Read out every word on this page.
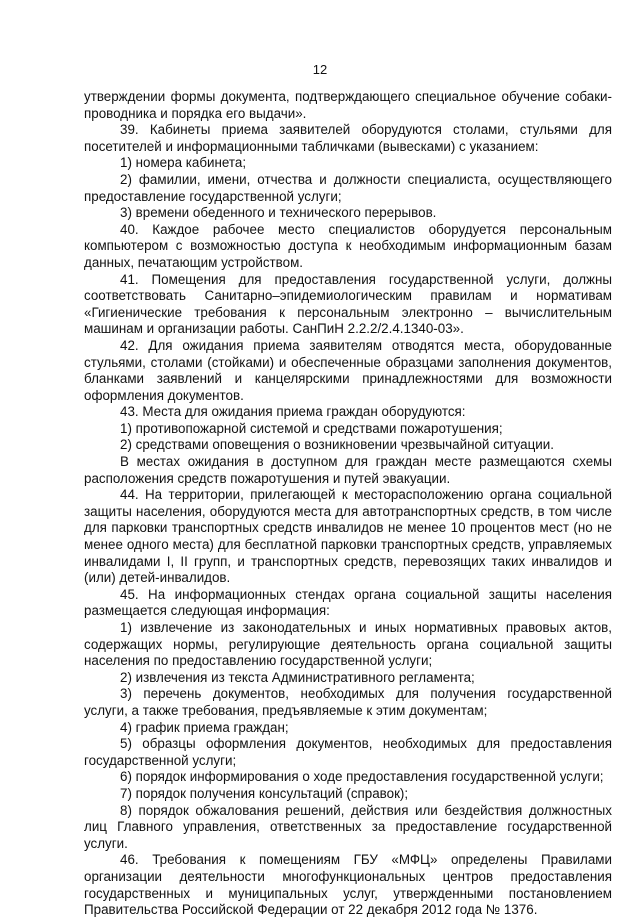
12

утверждении формы документа, подтверждающего специальное обучение собаки-проводника и порядка его выдачи».

39. Кабинеты приема заявителей оборудуются столами, стульями для посетителей и информационными табличками (вывесками) с указанием:

1) номера кабинета;

2) фамилии, имени, отчества и должности специалиста, осуществляющего предоставление государственной услуги;

3) времени обеденного и технического перерывов.

40. Каждое рабочее место специалистов оборудуется персональным компьютером с возможностью доступа к необходимым информационным базам данных, печатающим устройством.

41. Помещения для предоставления государственной услуги, должны соответствовать Санитарно–эпидемиологическим правилам и нормативам «Гигиенические требования к персональным электронно – вычислительным машинам и организации работы. СанПиН 2.2.2/2.4.1340-03».

42. Для ожидания приема заявителям отводятся места, оборудованные стульями, столами (стойками) и обеспеченные образцами заполнения документов, бланками заявлений и канцелярскими принадлежностями для возможности оформления документов.

43. Места для ожидания приема граждан оборудуются:

1) противопожарной системой и средствами пожаротушения;

2) средствами оповещения о возникновении чрезвычайной ситуации.

В местах ожидания в доступном для граждан месте размещаются схемы расположения средств пожаротушения и путей эвакуации.

44. На территории, прилегающей к месторасположению органа социальной защиты населения, оборудуются места для автотранспортных средств, в том числе для парковки транспортных средств инвалидов не менее 10 процентов мест (но не менее одного места) для бесплатной парковки транспортных средств, управляемых инвалидами I, II групп, и транспортных средств, перевозящих таких инвалидов и (или) детей-инвалидов.

45. На информационных стендах органа социальной защиты населения размещается следующая информация:

1) извлечение из законодательных и иных нормативных правовых актов, содержащих нормы, регулирующие деятельность органа социальной защиты населения по предоставлению государственной услуги;

2) извлечения из текста Административного регламента;

3) перечень документов, необходимых для получения государственной услуги, а также требования, предъявляемые к этим документам;

4) график приема граждан;

5) образцы оформления документов, необходимых для предоставления государственной услуги;

6) порядок информирования о ходе предоставления государственной услуги;

7) порядок получения консультаций (справок);

8) порядок обжалования решений, действия или бездействия должностных лиц Главного управления, ответственных за предоставление государственной услуги.

46. Требования к помещениям ГБУ «МФЦ» определены Правилами организации деятельности многофункциональных центров предоставления государственных и муниципальных услуг, утвержденными постановлением Правительства Российской Федерации от 22 декабря 2012 года № 1376.
